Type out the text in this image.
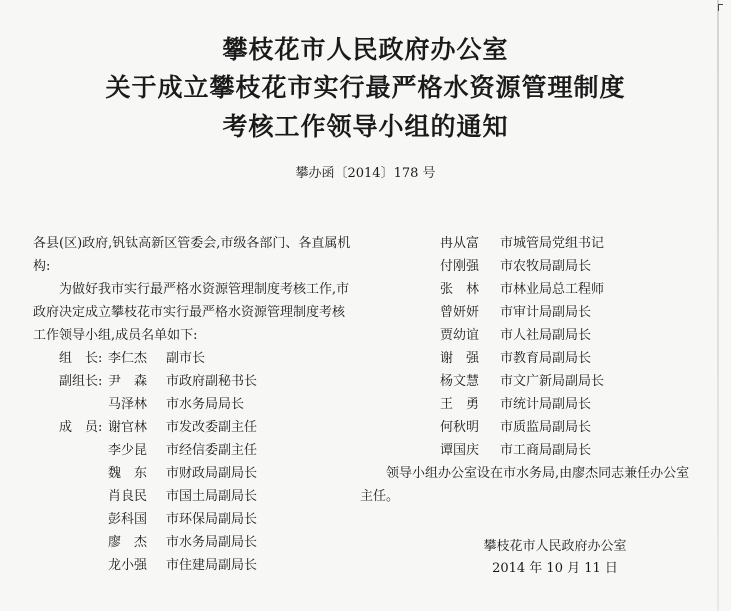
攀枝花市人民政府办公室
关于成立攀枝花市实行最严格水资源管理制度
考核工作领导小组的通知
攀办函〔2014〕178 号

各县(区)政府,钒钛高新区管委会,市级各部门、各直属机构:

为做好我市实行最严格水资源管理制度考核工作,市政府决定成立攀枝花市实行最严格水资源管理制度考核工作领导小组,成员名单如下:

组　长: 李仁杰 副市长
副组长: 尹　森 市政府副秘书长
马泽林 市水务局局长
成　员: 谢官林 市发改委副主任
李少昆 市经信委副主任
魏　东 市财政局副局长
肖良民 市国土局副局长
彭科国 市环保局副局长
廖　杰 市水务局副局长
龙小强 市住建局副局长
冉从富 市城管局党组书记
付刚强 市农牧局副局长
张　林 市林业局总工程师
曾妍妍 市审计局副局长
贾幼谊 市人社局副局长
谢　强 市教育局副局长
杨文慧 市文广新局副局长
王　勇 市统计局副局长
何秋明 市质监局副局长
谭国庆 市工商局副局长

领导小组办公室设在市水务局,由廖杰同志兼任办公室主任。

攀枝花市人民政府办公室
2014 年 10 月 11 日
